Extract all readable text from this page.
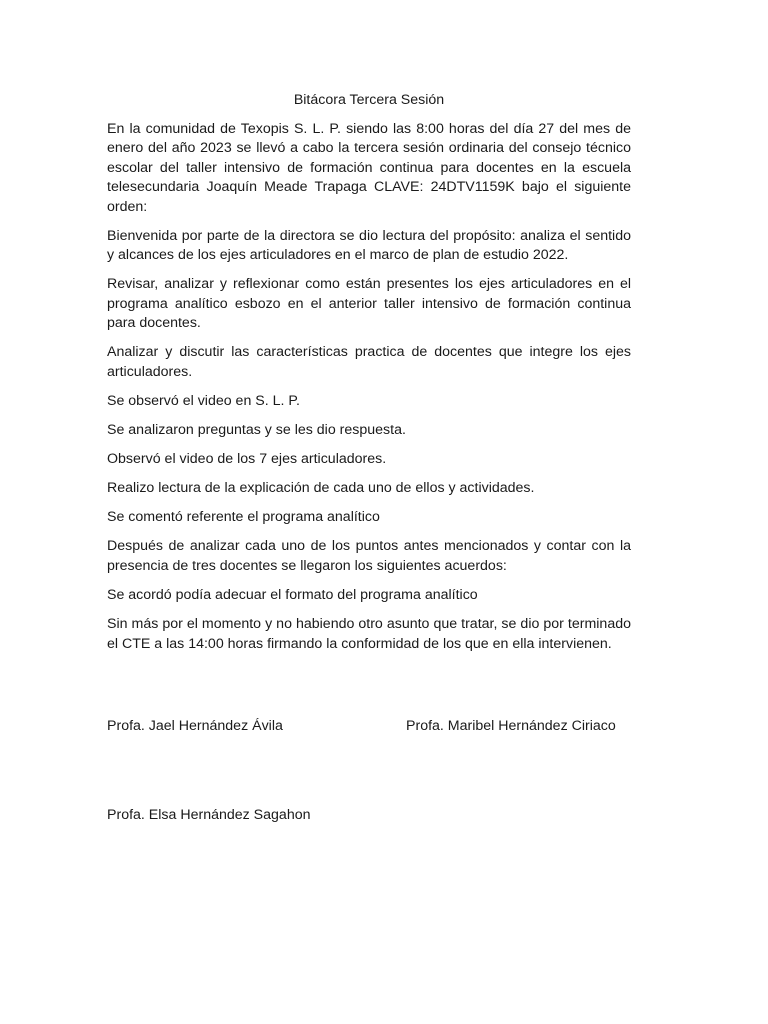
Bitácora Tercera Sesión

En la comunidad de Texopis S. L. P. siendo las 8:00 horas del día 27 del mes de enero del año 2023 se llevó a cabo la tercera sesión ordinaria del consejo técnico escolar del taller intensivo de formación continua para docentes en la escuela telesecundaria Joaquín Meade Trapaga CLAVE: 24DTV1159K bajo el siguiente orden:

Bienvenida por parte de la directora se dio lectura del propósito: analiza el sentido y alcances de los ejes articuladores en el marco de plan de estudio 2022.

Revisar, analizar y reflexionar como están presentes los ejes articuladores en el programa analítico esbozo en el anterior taller intensivo de formación continua para docentes.

Analizar y discutir las características practica de docentes que integre los ejes articuladores.

Se observó el video en S. L. P.

Se analizaron preguntas y se les dio respuesta.

Observó el video de los 7 ejes articuladores.

Realizo lectura de la explicación de cada uno de ellos y actividades.

Se comentó referente el programa analítico

Después de analizar cada uno de los puntos antes mencionados y contar con la presencia de tres docentes se llegaron los siguientes acuerdos:

Se acordó podía adecuar el formato del programa analítico

Sin más por el momento y no habiendo otro asunto que tratar, se dio por terminado el CTE a las 14:00 horas firmando la conformidad de los que en ella intervienen.

Profa. Jael Hernández Ávila	Profa. Maribel Hernández Ciriaco
Profa. Elsa Hernández Sagahon
